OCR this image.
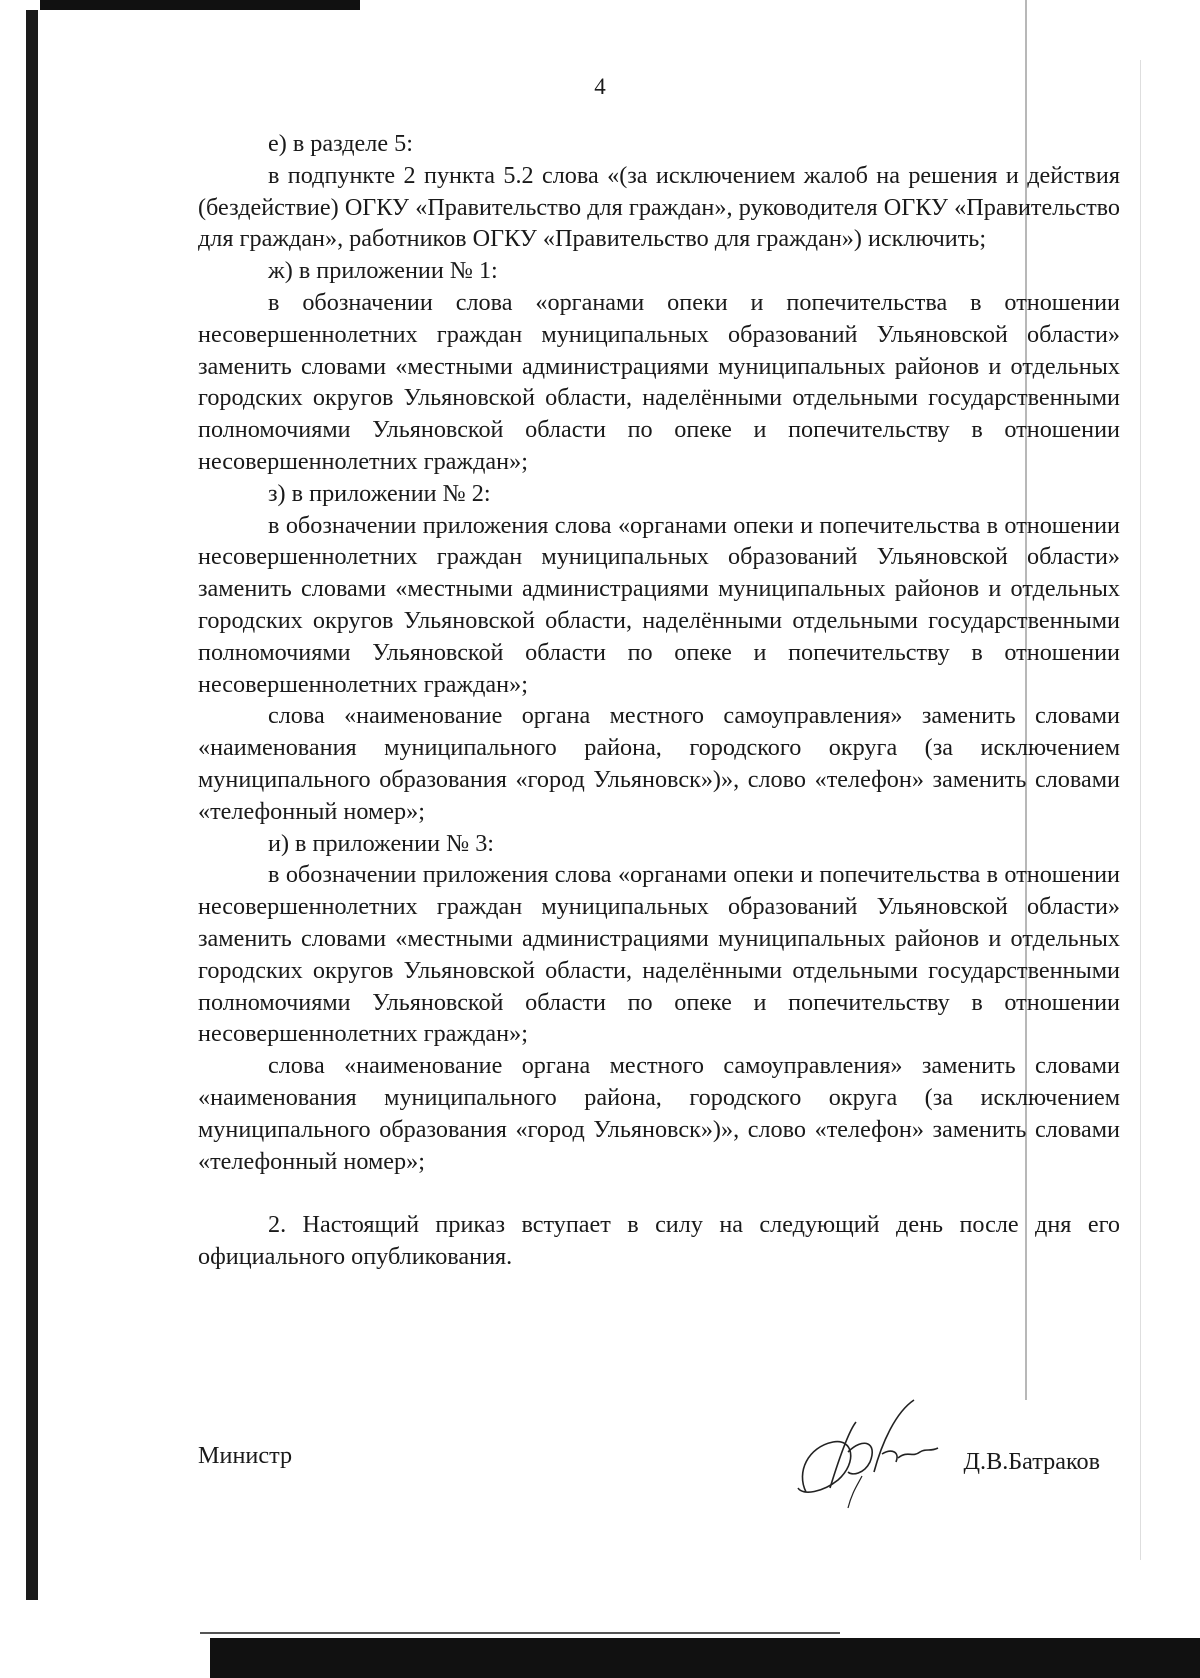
4

е) в разделе 5:

в подпункте 2 пункта 5.2 слова «(за исключением жалоб на решения и действия (бездействие) ОГКУ «Правительство для граждан», руководителя ОГКУ «Правительство для граждан», работников ОГКУ «Правительство для граждан») исключить;

ж) в приложении № 1:

в обозначении слова «органами опеки и попечительства в отношении несовершеннолетних граждан муниципальных образований Ульяновской области» заменить словами «местными администрациями муниципальных районов и отдельных городских округов Ульяновской области, наделёнными отдельными государственными полномочиями Ульяновской области по опеке и попечительству в отношении несовершеннолетних граждан»;

з) в приложении № 2:

в обозначении приложения слова «органами опеки и попечительства в отношении несовершеннолетних граждан муниципальных образований Ульяновской области» заменить словами «местными администрациями муниципальных районов и отдельных городских округов Ульяновской области, наделёнными отдельными государственными полномочиями Ульяновской области по опеке и попечительству в отношении несовершеннолетних граждан»;

слова «наименование органа местного самоуправления» заменить словами «наименования муниципального района, городского округа (за исключением муниципального образования «город Ульяновск»)», слово «телефон» заменить словами «телефонный номер»;

и) в приложении № 3:

в обозначении приложения слова «органами опеки и попечительства в отношении несовершеннолетних граждан муниципальных образований Ульяновской области» заменить словами «местными администрациями муниципальных районов и отдельных городских округов Ульяновской области, наделёнными отдельными государственными полномочиями Ульяновской области по опеке и попечительству в отношении несовершеннолетних граждан»;

слова «наименование органа местного самоуправления» заменить словами «наименования муниципального района, городского округа (за исключением муниципального образования «город Ульяновск»)», слово «телефон» заменить словами «телефонный номер»;

2. Настоящий приказ вступает в силу на следующий день после дня его официального опубликования.

Министр	Д.В.Батраков
